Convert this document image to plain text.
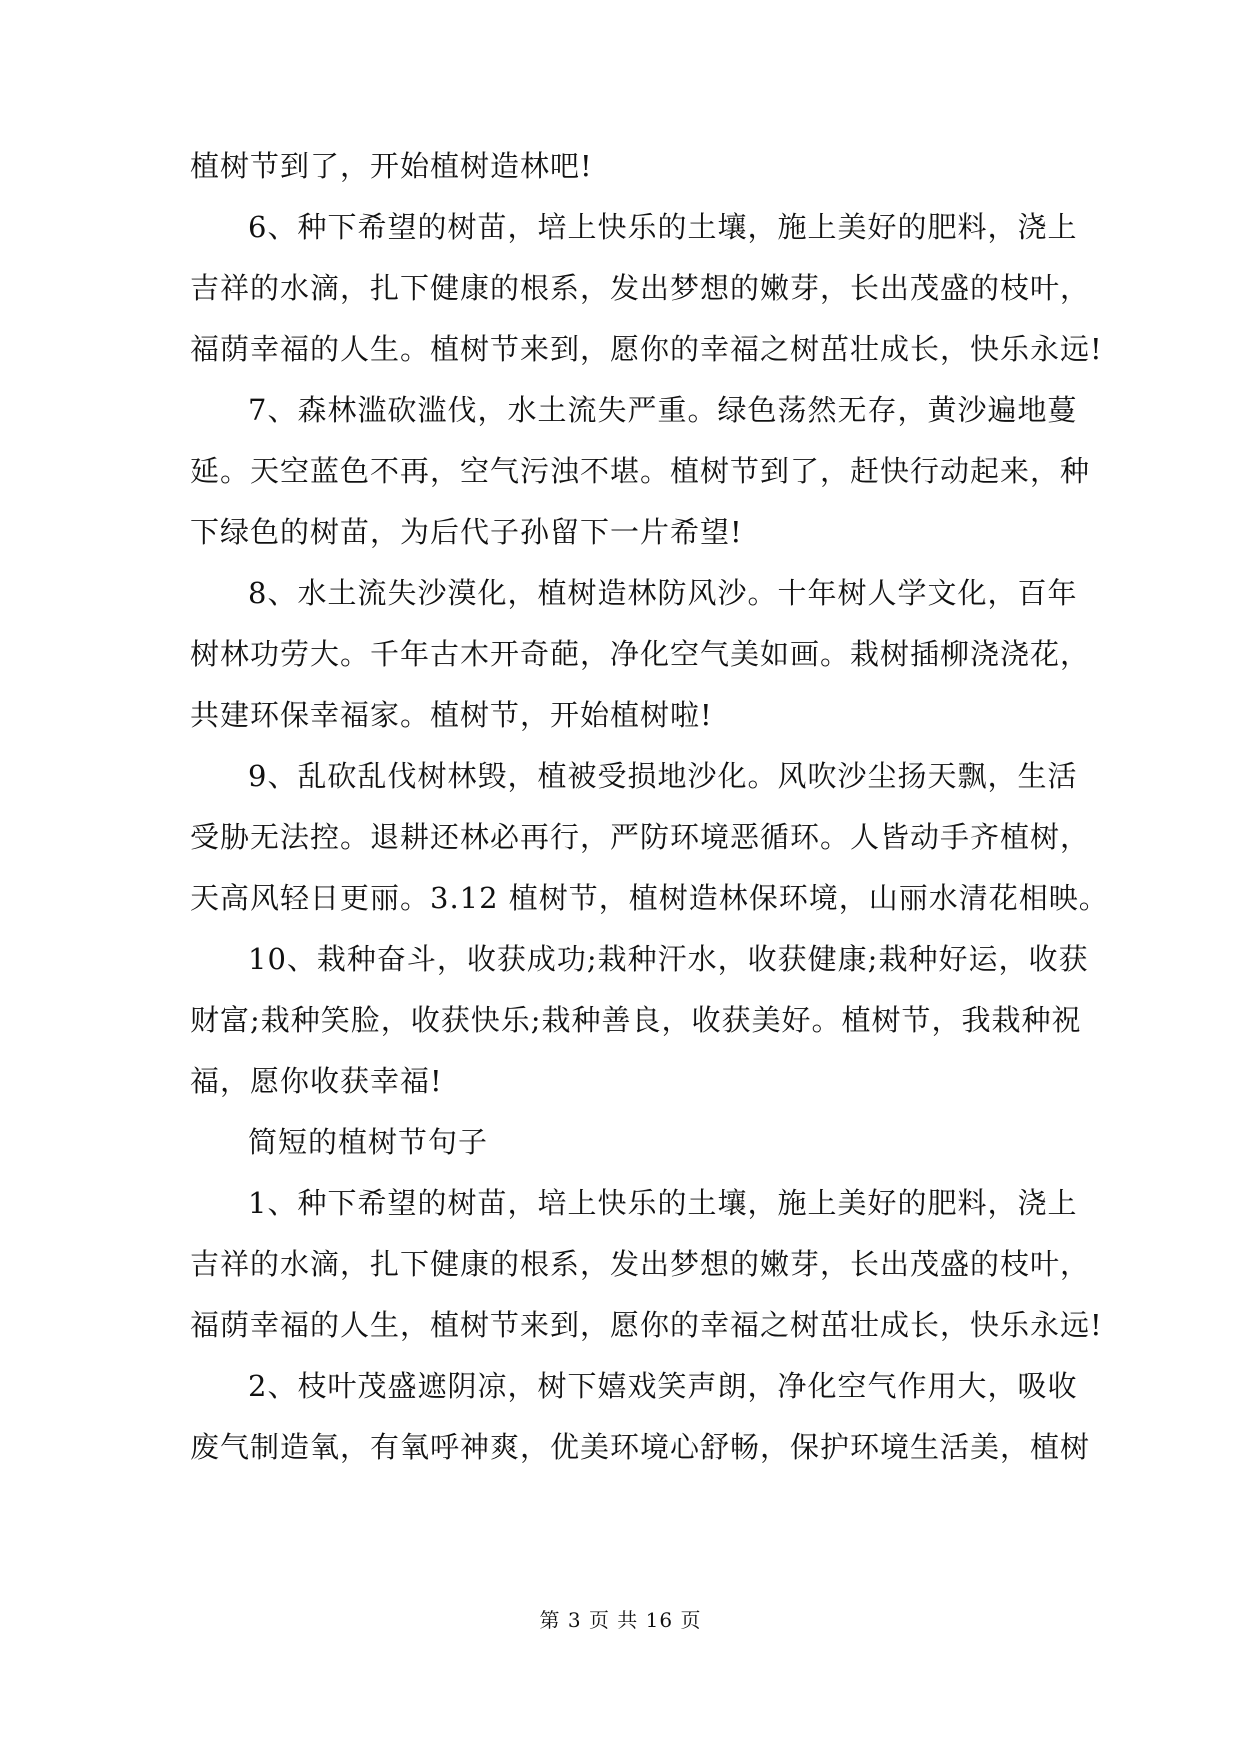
植树节到了，开始植树造林吧!
6、种下希望的树苗，培上快乐的土壤，施上美好的肥料，浇上
吉祥的水滴，扎下健康的根系，发出梦想的嫩芽，长出茂盛的枝叶，
福荫幸福的人生。植树节来到，愿你的幸福之树茁壮成长，快乐永远!
7、森林滥砍滥伐，水土流失严重。绿色荡然无存，黄沙遍地蔓
延。天空蓝色不再，空气污浊不堪。植树节到了，赶快行动起来，种
下绿色的树苗，为后代子孙留下一片希望!
8、水土流失沙漠化，植树造林防风沙。十年树人学文化，百年
树林功劳大。千年古木开奇葩，净化空气美如画。栽树插柳浇浇花，
共建环保幸福家。植树节，开始植树啦!
9、乱砍乱伐树林毁，植被受损地沙化。风吹沙尘扬天飘，生活
受胁无法控。退耕还林必再行，严防环境恶循环。人皆动手齐植树，
天高风轻日更丽。3.12 植树节，植树造林保环境，山丽水清花相映。
10、栽种奋斗，收获成功;栽种汗水，收获健康;栽种好运，收获
财富;栽种笑脸，收获快乐;栽种善良，收获美好。植树节，我栽种祝
福，愿你收获幸福!
简短的植树节句子
1、种下希望的树苗，培上快乐的土壤，施上美好的肥料，浇上
吉祥的水滴，扎下健康的根系，发出梦想的嫩芽，长出茂盛的枝叶，
福荫幸福的人生，植树节来到，愿你的幸福之树茁壮成长，快乐永远!
2、枝叶茂盛遮阴凉，树下嬉戏笑声朗，净化空气作用大，吸收
废气制造氧，有氧呼神爽，优美环境心舒畅，保护环境生活美，植树
第 3 页 共 16 页
